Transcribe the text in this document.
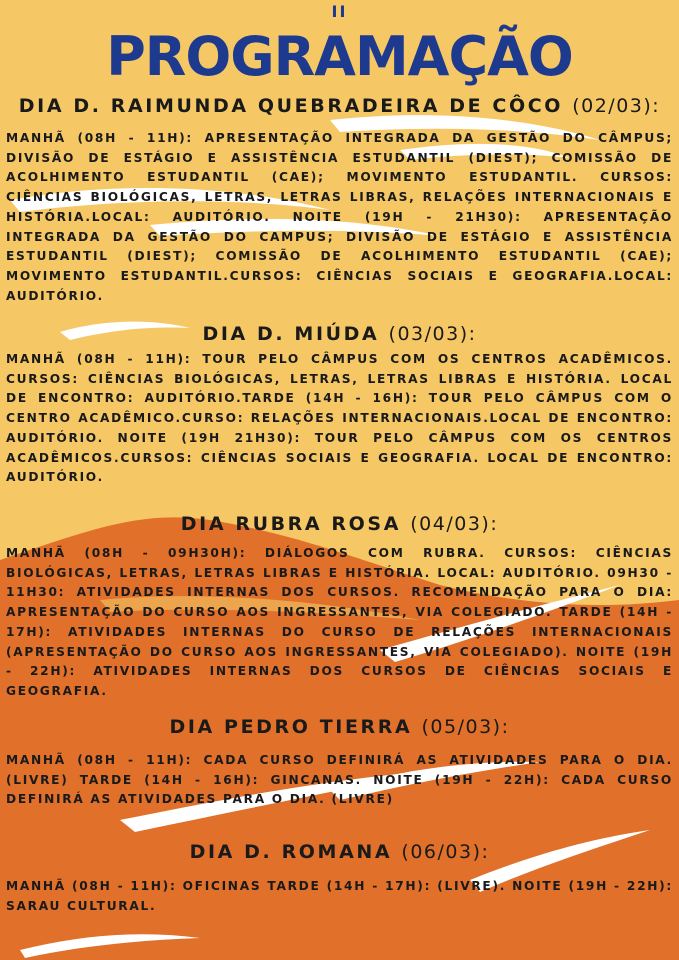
II
PROGRAMAÇÃO
DIA D. RAIMUNDA QUEBRADEIRA DE CÔCO (02/03):
MANHÃ (08H - 11H): APRESENTAÇÃO INTEGRADA DA GESTÃO DO CÂMPUS; DIVISÃO DE ESTÁGIO E ASSISTÊNCIA ESTUDANTIL (DIEST); COMISSÃO DE ACOLHIMENTO ESTUDANTIL (CAE); MOVIMENTO ESTUDANTIL. CURSOS: CIÊNCIAS BIOLÓGICAS, LETRAS, LETRAS LIBRAS, RELAÇÕES INTERNACIONAIS E HISTÓRIA.LOCAL: AUDITÓRIO. NOITE (19H - 21H30): APRESENTAÇÃO INTEGRADA DA GESTÃO DO CAMPUS; DIVISÃO DE ESTÁGIO E ASSISTÊNCIA ESTUDANTIL (DIEST); COMISSÃO DE ACOLHIMENTO ESTUDANTIL (CAE); MOVIMENTO ESTUDANTIL.CURSOS: CIÊNCIAS SOCIAIS E GEOGRAFIA.LOCAL: AUDITÓRIO.
DIA D. MIÚDA (03/03):
MANHÃ (08H - 11H): TOUR PELO CÂMPUS COM OS CENTROS ACADÊMICOS. CURSOS: CIÊNCIAS BIOLÓGICAS, LETRAS, LETRAS LIBRAS E HISTÓRIA. LOCAL DE ENCONTRO: AUDITÓRIO.TARDE (14H - 16H): TOUR PELO CÂMPUS COM O CENTRO ACADÊMICO.CURSO: RELAÇÕES INTERNACIONAIS.LOCAL DE ENCONTRO: AUDITÓRIO. NOITE (19H 21H30): TOUR PELO CÂMPUS COM OS CENTROS ACADÊMICOS.CURSOS: CIÊNCIAS SOCIAIS E GEOGRAFIA. LOCAL DE ENCONTRO: AUDITÓRIO.
DIA RUBRA ROSA (04/03):
MANHÃ (08H - 09H30H): DIÁLOGOS COM RUBRA. CURSOS: CIÊNCIAS BIOLÓGICAS, LETRAS, LETRAS LIBRAS E HISTÓRIA. LOCAL: AUDITÓRIO. 09H30 - 11H30: ATIVIDADES INTERNAS DOS CURSOS. RECOMENDAÇÃO PARA O DIA: APRESENTAÇÃO DO CURSO AOS INGRESSANTES, VIA COLEGIADO. TARDE (14H - 17H): ATIVIDADES INTERNAS DO CURSO DE RELAÇÕES INTERNACIONAIS (APRESENTAÇÃO DO CURSO AOS INGRESSANTES, VIA COLEGIADO). NOITE (19H - 22H): ATIVIDADES INTERNAS DOS CURSOS DE CIÊNCIAS SOCIAIS E GEOGRAFIA.
DIA PEDRO TIERRA (05/03):
MANHÃ (08H - 11H): CADA CURSO DEFINIRÁ AS ATIVIDADES PARA O DIA. (LIVRE) TARDE (14H - 16H): GINCANAS. NOITE (19H - 22H): CADA CURSO DEFINIRÁ AS ATIVIDADES PARA O DIA. (LIVRE)
DIA D. ROMANA (06/03):
MANHÃ (08H - 11H): OFICINAS TARDE (14H - 17H): (LIVRE). NOITE (19H - 22H): SARAU CULTURAL.
